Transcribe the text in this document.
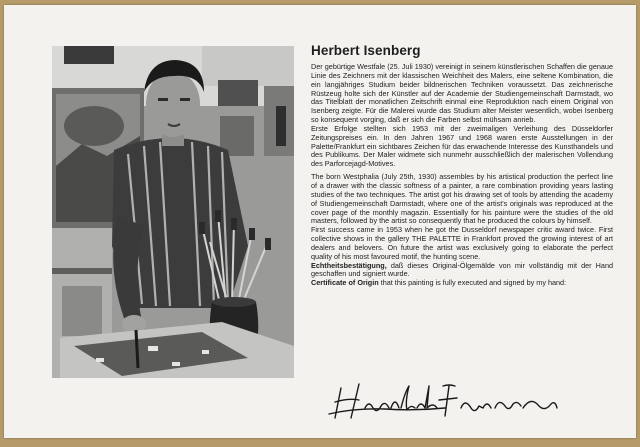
Herbert Isenberg

Der gebürtige Westfale (25. Juli 1930) vereinigt in seinem künstlerischen Schaffen die genaue Linie des Zeichners mit der klassischen Weichheit des Malers, eine seltene Kombination, die ein langjähriges Studium beider bildnerischen Techniken voraussetzt. Das zeichnerische Rüstzeug holte sich der Künstler auf der Academie der Studiengemeinschaft Darmstadt, wo das Titelblatt der monatlichen Zeitschrift einmal eine Reproduktion nach einem Original von Isenberg zeigte. Für die Malerei wurde das Studium alter Meister wesentlich, wobei Isenberg so konsequent vorging, daß er sich die Farben selbst mühsam anrieb.

Erste Erfolge stellten sich 1953 mit der zweimaligen Verleihung des Düsseldorfer Zeitungspreises ein. In den Jahren 1967 und 1968 waren erste Ausstellungen in der Palette/Frankfurt ein sichtbares Zeichen für das erwachende Interesse des Kunsthandels und des Publikums. Der Maler widmete sich nunmehr ausschließlich der malerischen Vollendung des Parforcejagd-Motives.

The born Westphalia (July 25th, 1930) assembles by his artistical production the perfect line of a drawer with the classic softness of a painter, a rare combination providing years lasting studies of the two techniques. The artist got his drawing set of tools by attending the academy of Studiengemeinschaft Darmstadt, where one of the artist's originals was reproduced at the cover page of the monthly magazin. Essentially for his painture were the studies of the old masters, followed by the artist so consequently that he produced the colours by himself.

First success came in 1953 when he got the Dusseldorf newspaper critic award twice. First collective shows in the gallery THE PALETTE in Frankfort proved the growing interest of art dealers and belovers. On future the artist was exclusively going to elaborate the perfect quality of his most favoured motif, the hunting scene.

Echtheitsbestätigung, daß dieses Original-Ölgemälde von mir vollständig mit der Hand geschaffen und signiert wurde.

Certificate of Origin that this painting is fully executed and signed by my hand:
